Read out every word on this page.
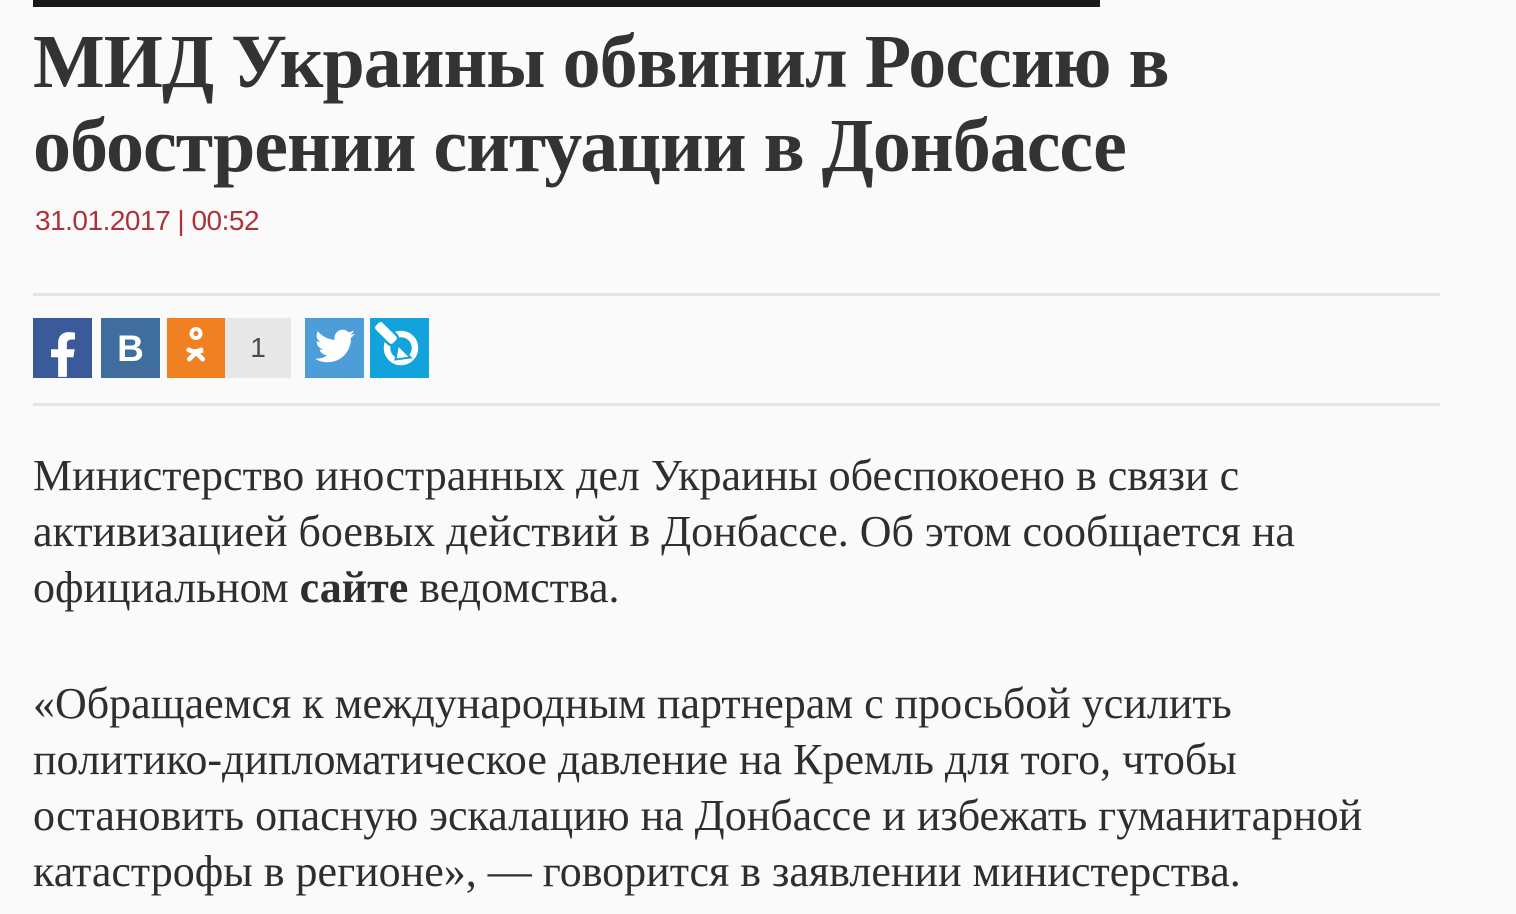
МИД Украины обвинил Россию в
обострении ситуации в Донбассе
31.01.2017 | 00:52
В	1

Министерство иностранных дел Украины обеспокоено в связи с
активизацией боевых действий в Донбассе. Об этом сообщается на
официальном сайте ведомства.

«Обращаемся к международным партнерам с просьбой усилить
политико-дипломатическое давление на Кремль для того, чтобы
остановить опасную эскалацию на Донбассе и избежать гуманитарной
катастрофы в регионе», — говорится в заявлении министерства.
